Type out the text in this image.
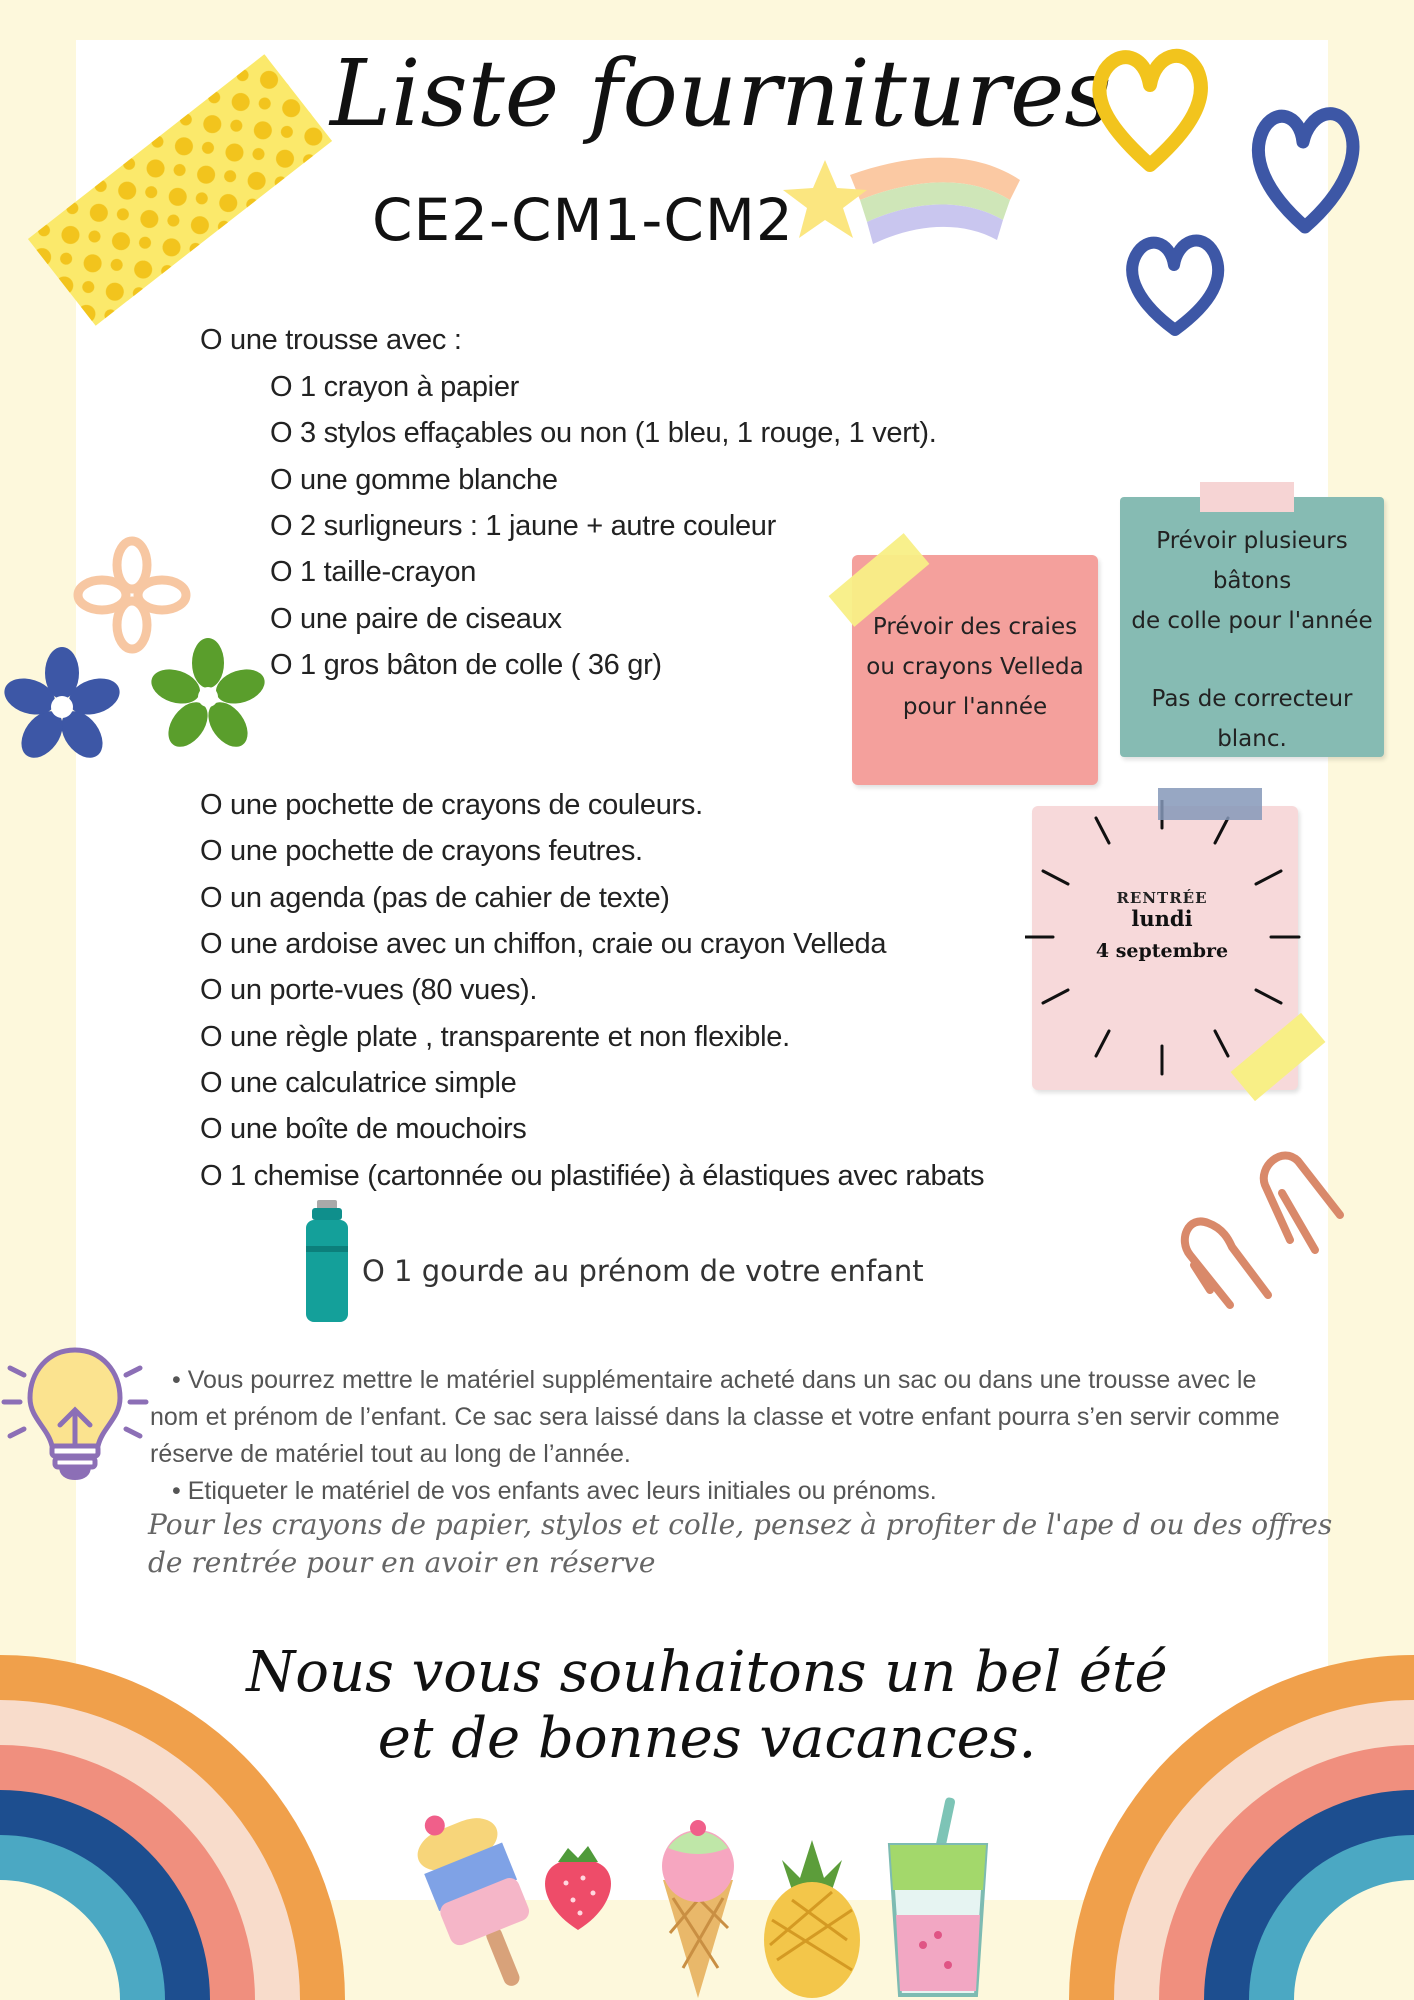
Liste fournitures
CE2-CM1-CM2
O une trousse avec :
O 1 crayon à papier
O 3 stylos effaçables ou non (1 bleu, 1 rouge, 1 vert).
O une gomme blanche
O 2 surligneurs : 1 jaune + autre couleur
O 1 taille-crayon
O une paire de ciseaux
O 1 gros bâton de colle ( 36 gr)
Prévoir des craies
ou crayons Velleda
pour l'année
Prévoir plusieurs bâtons
de colle pour l'année
Pas de correcteur blanc.
RENTRÉE
lundi
4 septembre
O une pochette de crayons de couleurs.
O une pochette de crayons feutres.
O un agenda (pas de cahier de texte)
O une ardoise avec un chiffon, craie ou crayon Velleda
O un porte-vues (80 vues).
O une règle plate , transparente et non flexible.
O une calculatrice simple
O une boîte de mouchoirs
O 1 chemise (cartonnée ou plastifiée) à élastiques avec rabats
O 1 gourde au prénom de votre enfant
• Vous pourrez mettre le matériel supplémentaire acheté dans un sac ou dans une trousse avec le
nom et prénom de l’enfant. Ce sac sera laissé dans la classe et votre enfant pourra s’en servir comme
réserve de matériel tout au long de l’année.
• Etiqueter le matériel de vos enfants avec leurs initiales ou prénoms.
Pour les crayons de papier, stylos et colle, pensez à profiter de l'ape d ou des offres
de rentrée pour en avoir en réserve
Nous vous souhaitons un bel été
et de bonnes vacances.
